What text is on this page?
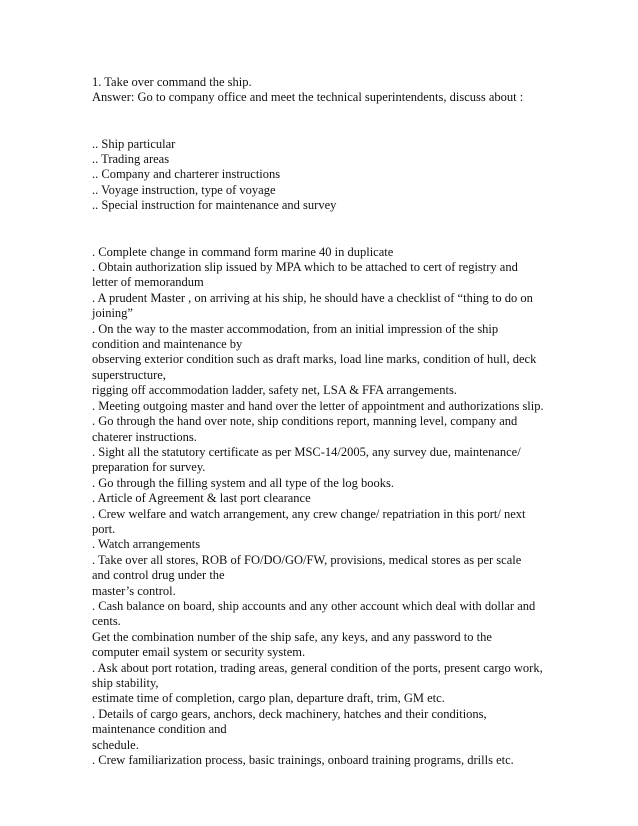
1. Take over command the ship.
Answer: Go to company office and meet the technical superintendents, discuss about :
.. Ship particular
.. Trading areas
.. Company and charterer instructions
.. Voyage instruction, type of voyage
.. Special instruction for maintenance and survey
. Complete change in command form marine 40 in duplicate
. Obtain authorization slip issued by MPA which to be attached to cert of registry and
letter of memorandum
. A prudent Master , on arriving at his ship, he should have a checklist of “thing to do on
joining”
. On the way to the master accommodation, from an initial impression of the ship
condition and maintenance by
observing exterior condition such as draft marks, load line marks, condition of hull, deck
superstructure,
rigging off accommodation ladder, safety net, LSA & FFA arrangements.
. Meeting outgoing master and hand over the letter of appointment and authorizations slip.
. Go through the hand over note, ship conditions report, manning level, company and
chaterer instructions.
. Sight all the statutory certificate as per MSC-14/2005, any survey due, maintenance/
preparation for survey.
. Go through the filling system and all type of the log books.
. Article of Agreement & last port clearance
. Crew welfare and watch arrangement, any crew change/ repatriation in this port/ next
port.
. Watch arrangements
. Take over all stores, ROB of FO/DO/GO/FW, provisions, medical stores as per scale
and control drug under the
master’s control.
. Cash balance on board, ship accounts and any other account which deal with dollar and
cents.
Get the combination number of the ship safe, any keys, and any password to the
computer email system or security system.
. Ask about port rotation, trading areas, general condition of the ports, present cargo work,
ship stability,
estimate time of completion, cargo plan, departure draft, trim, GM etc.
. Details of cargo gears, anchors, deck machinery, hatches and their conditions,
maintenance condition and
schedule.
. Crew familiarization process, basic trainings, onboard training programs, drills etc.
